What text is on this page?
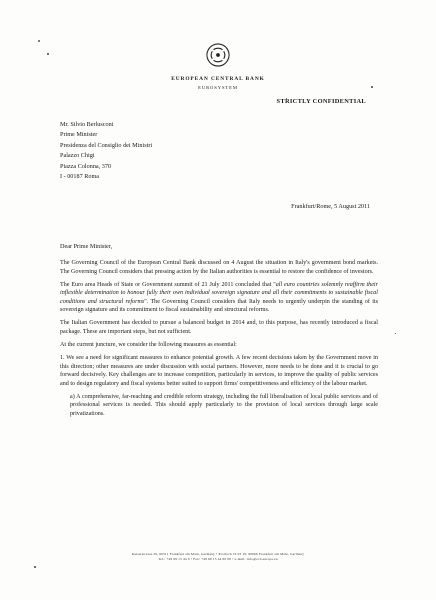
EUROPEAN CENTRAL BANK
EUROSYSTEM
STRICTLY CONFIDENTIAL
Mr. Silvio Berlusconi
Prime Minister
Presidenza del Consiglio dei Ministri
Palazzo Chigi
Piazza Colonna, 370
I - 00187 Roma
Frankfurt/Rome, 5 August 2011
Dear Prime Minister,

The Governing Council of the European Central Bank discussed on 4 August the situation in Italy's government bond markets. The Governing Council considers that pressing action by the Italian authorities is essential to restore the confidence of investors.

The Euro area Heads of State or Government summit of 21 July 2011 concluded that "all euro countries solemnly reaffirm their inflexible determination to honour fully their own individual sovereign signature and all their commitments to sustainable fiscal conditions and structural reforms". The Governing Council considers that Italy needs to urgently underpin the standing of its sovereign signature and its commitment to fiscal sustainability and structural reforms.

The Italian Government has decided to pursue a balanced budget in 2014 and, to this purpose, has recently introduced a fiscal package. These are important steps, but not sufficient.

At the current juncture, we consider the following measures as essential:

1. We see a need for significant measures to enhance potential growth. A few recent decisions taken by the Government move in this direction; other measures are under discussion with social partners. However, more needs to be done and it is crucial to go forward decisively. Key challenges are to increase competition, particularly in services, to improve the quality of public services and to design regulatory and fiscal systems better suited to support firms' competitiveness and efficiency of the labour market.

a) A comprehensive, far-reaching and credible reform strategy, including the full liberalisation of local public services and of professional services is needed. This should apply particularly to the provision of local services through large scale privatizations.

Kaiserstrasse 29, 60311 Frankfurt am Main, Germany • Postfach 16 03 19, 60066 Frankfurt am Main, Germany
Tel.: +49 69 13 44 0 • Fax: +49 69 13 44 60 00 • e-mail: info@ecb.europa.eu
